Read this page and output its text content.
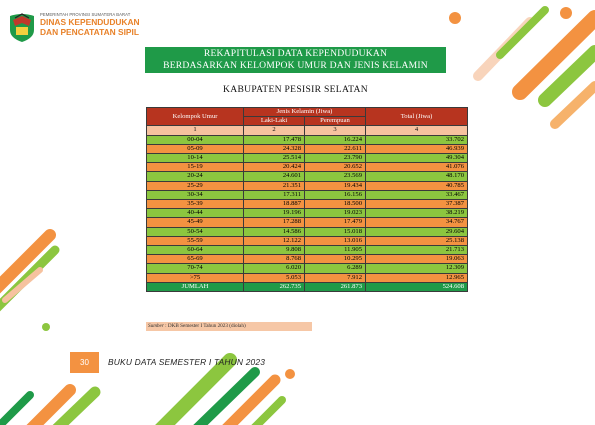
PEMERINTAH PROVINSI SUMATERA BARAT
DINAS KEPENDUDUKAN
DAN PENCATATAN SIPIL
REKAPITULASI DATA KEPENDUDUKAN
BERDASARKAN KELOMPOK UMUR DAN JENIS KELAMIN
KABUPATEN PESISIR SELATAN
Kelompok Umur	Jenis Kelamin (Jiwa)		Total (Jiwa)
	Laki-Laki	Perempuan	
1	2	3	4
00-04	17.478	16.224	33.702
05-09	24.328	22.611	46.939
10-14	25.514	23.790	49.304
15-19	20.424	20.652	41.076
20-24	24.601	23.569	48.170
25-29	21.351	19.434	40.785
30-34	17.311	16.156	33.467
35-39	18.887	18.500	37.387
40-44	19.196	19.023	38.219
45-49	17.288	17.479	34.767
50-54	14.586	15.018	29.604
55-59	12.122	13.016	25.138
60-64	9.808	11.905	21.713
65-69	8.768	10.295	19.063
70-74	6.020	6.289	12.309
>75	5.053	7.912	12.965
JUMLAH	262.735	261.873	524.608
Sumber : DKB Semester I Tahun 2023 (diolah)
30	BUKU DATA SEMESTER I TAHUN 2023
